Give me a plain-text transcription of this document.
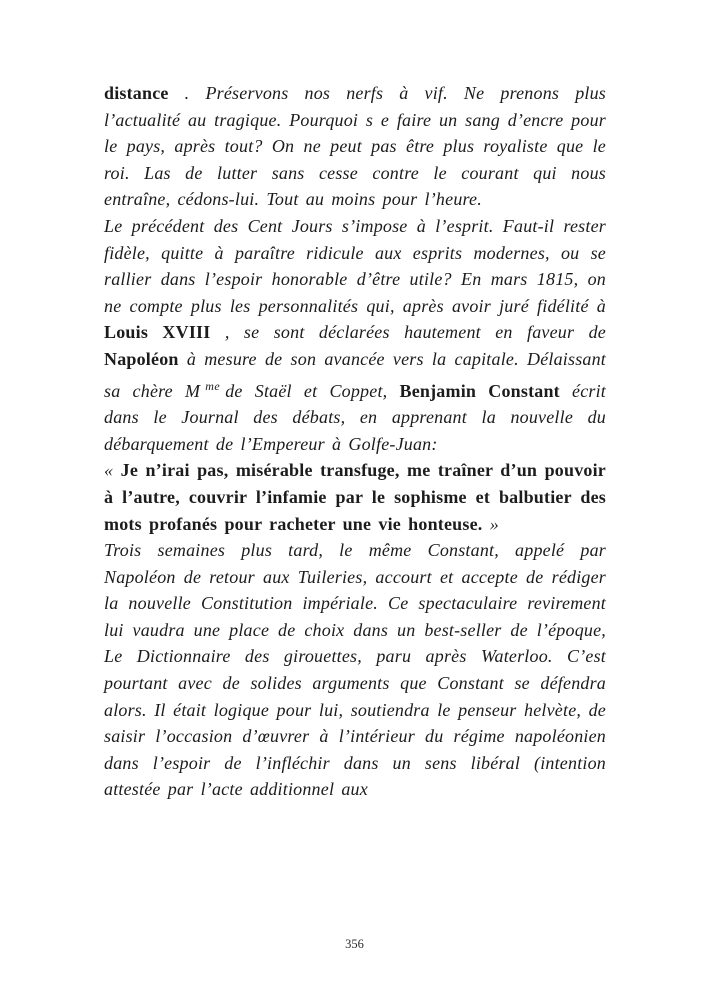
distance . Préservons nos nerfs à vif. Ne prenons plus l’actualité au tragique. Pourquoi s e faire un sang d’encre pour le pays, après tout? On ne peut pas être plus royaliste que le roi. Las de lutter sans cesse contre le courant qui nous entraîne, cédons-lui. Tout au moins pour l’heure.

Le précédent des Cent Jours s’impose à l’esprit. Faut-il rester fidèle, quitte à paraître ridicule aux esprits modernes, ou se rallier dans l’espoir honorable d’être utile? En mars 1815, on ne compte plus les personnalités qui, après avoir juré fidélité à Louis XVIII , se sont déclarées hautement en faveur de Napoléon à mesure de son avancée vers la capitale. Délaissant sa chère M $^{me}$ de Staël et Coppet, Benjamin Constant écrit dans le Journal des débats, en apprenant la nouvelle du débarquement de l’Empereur à Golfe-Juan:

« Je n’irai pas, misérable transfuge, me traîner d’un pouvoir à l’autre, couvrir l’infamie par le sophisme et balbutier des mots profanés pour racheter une vie honteuse. »

Trois semaines plus tard, le même Constant, appelé par Napoléon de retour aux Tuileries, accourt et accepte de rédiger la nouvelle Constitution impériale. Ce spectaculaire revirement lui vaudra une place de choix dans un best-seller de l’époque, Le Dictionnaire des girouettes, paru après Waterloo. C’est pourtant avec de solides arguments que Constant se défendra alors. Il était logique pour lui, soutiendra le penseur helvète, de saisir l’occasion d’œuvrer à l’intérieur du régime napoléonien dans l’espoir de l’infléchir dans un sens libéral (intention attestée par l’acte additionnel aux

356
